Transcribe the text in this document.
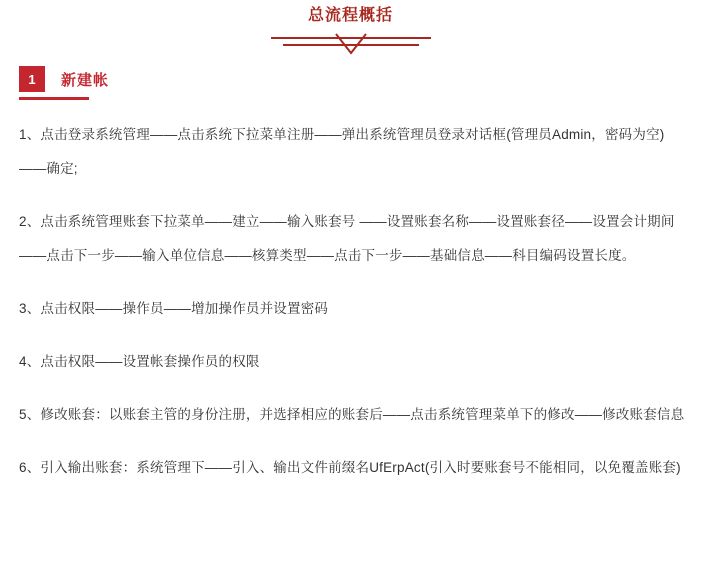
总流程概括
1	新建帐

1、点击登录系统管理——点击系统下拉菜单注册——弹出系统管理员登录对话框(管理员Admin，密码为空)——确定;

2、点击系统管理账套下拉菜单——建立——输入账套号 ——设置账套名称——设置账套径——设置会计期间——点击下一步——输入单位信息——核算类型——点击下一步——基础信息——科目编码设置长度。

3、点击权限——操作员——增加操作员并设置密码

4、点击权限——设置帐套操作员的权限

5、修改账套：以账套主管的身份注册，并选择相应的账套后——点击系统管理菜单下的修改——修改账套信息

6、引入输出账套：系统管理下——引入、输出文件前缀名UfErpAct(引入时要账套号不能相同，以免覆盖账套)
